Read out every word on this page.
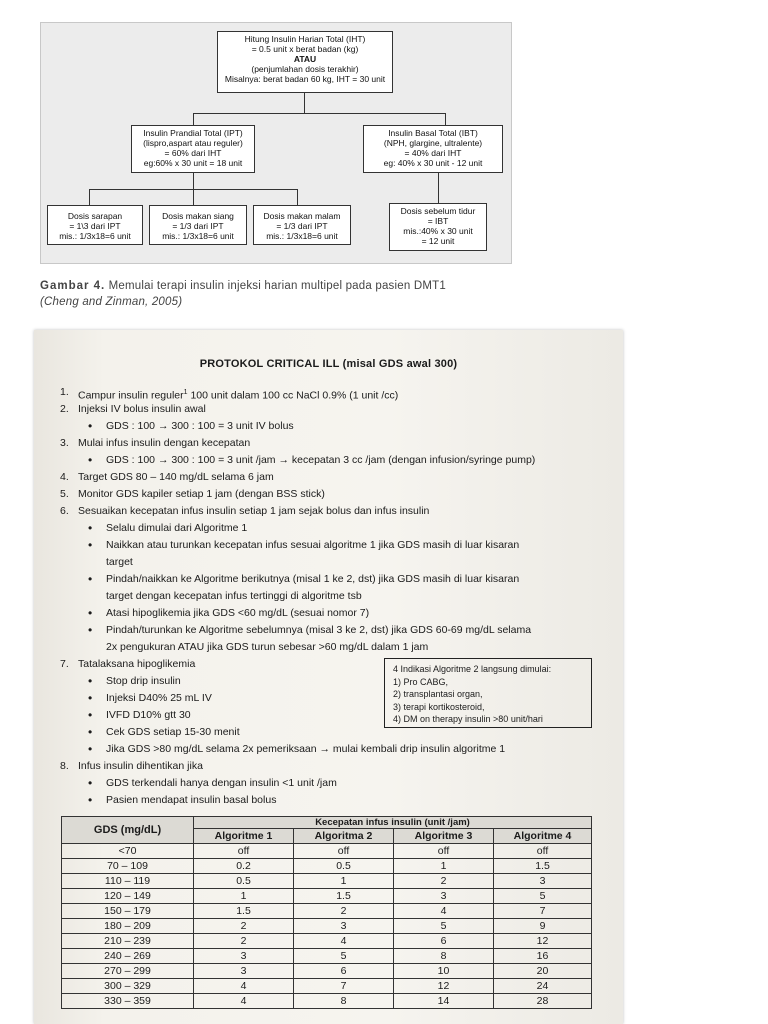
Hitung Insulin Harian Total (IHT)
= 0.5 unit x berat badan (kg)
ATAU
(penjumlahan dosis terakhir)
Misalnya: berat badan 60 kg, IHT = 30 unit
Insulin Prandial Total (IPT)
(lispro,aspart atau reguler)
= 60% dari IHT
eg:60% x 30 unit = 18 unit
Insulin Basal Total (IBT)
(NPH, glargine, ultralente)
= 40% dari IHT
eg: 40% x 30 unit - 12 unit
Dosis sarapan
= 1\3 dari IPT
mis.: 1/3x18=6 unit
Dosis makan siang
= 1/3 dari IPT
mis.: 1/3x18=6 unit
Dosis makan malam
= 1/3 dari IPT
mis.: 1/3x18=6 unit
Dosis sebelum tidur
= IBT
mis.:40% x 30 unit
= 12 unit
Gambar 4. Memulai terapi insulin injeksi harian multipel pada pasien DMT1
(Cheng and Zinman, 2005)
PROTOKOL CRITICAL ILL (misal GDS awal 300)
1. Campur insulin reguler$^1$ 100 unit dalam 100 cc NaCl 0.9% (1 unit /cc)
2. Injeksi IV bolus insulin awal
• GDS : 100 → 300 : 100 = 3 unit IV bolus
3. Mulai infus insulin dengan kecepatan
• GDS : 100 → 300 : 100 = 3 unit /jam → kecepatan 3 cc /jam (dengan infusion/syringe pump)
4. Target GDS 80 – 140 mg/dL selama 6 jam
5. Monitor GDS kapiler setiap 1 jam (dengan BSS stick)
6. Sesuaikan kecepatan infus insulin setiap 1 jam sejak bolus dan infus insulin
• Selalu dimulai dari Algoritme 1
• Naikkan atau turunkan kecepatan infus sesuai algoritme 1 jika GDS masih di luar kisaran
target
• Pindah/naikkan ke Algoritme berikutnya (misal 1 ke 2, dst) jika GDS masih di luar kisaran
target dengan kecepatan infus tertinggi di algoritme tsb
• Atasi hipoglikemia jika GDS <60 mg/dL (sesuai nomor 7)
• Pindah/turunkan ke Algoritme sebelumnya (misal 3 ke 2, dst) jika GDS 60-69 mg/dL selama
2x pengukuran ATAU jika GDS turun sebesar >60 mg/dL dalam 1 jam
7. Tatalaksana hipoglikemia
• Stop drip insulin
• Injeksi D40% 25 mL IV
• IVFD D10% gtt 30
• Cek GDS setiap 15-30 menit
• Jika GDS >80 mg/dL selama 2x pemeriksaan → mulai kembali drip insulin algoritme 1
8. Infus insulin dihentikan jika
• GDS terkendali hanya dengan insulin <1 unit /jam
• Pasien mendapat insulin basal bolus
4 Indikasi Algoritme 2 langsung dimulai:
1) Pro CABG,
2) transplantasi organ,
3) terapi kortikosteroid,
4) DM on therapy insulin >80 unit/hari
GDS (mg/dL)	Kecepatan infus insulin (unit /jam)			
	Algoritme 1	Algoritma 2	Algoritme 3	Algoritme 4
<70	off	off	off	off
70 – 109	0.2	0.5	1	1.5
110 – 119	0.5	1	2	3
120 – 149	1	1.5	3	5
150 – 179	1.5	2	4	7
180 – 209	2	3	5	9
210 – 239	2	4	6	12
240 – 269	3	5	8	16
270 – 299	3	6	10	20
300 – 329	4	7	12	24
330 – 359	4	8	14	28
